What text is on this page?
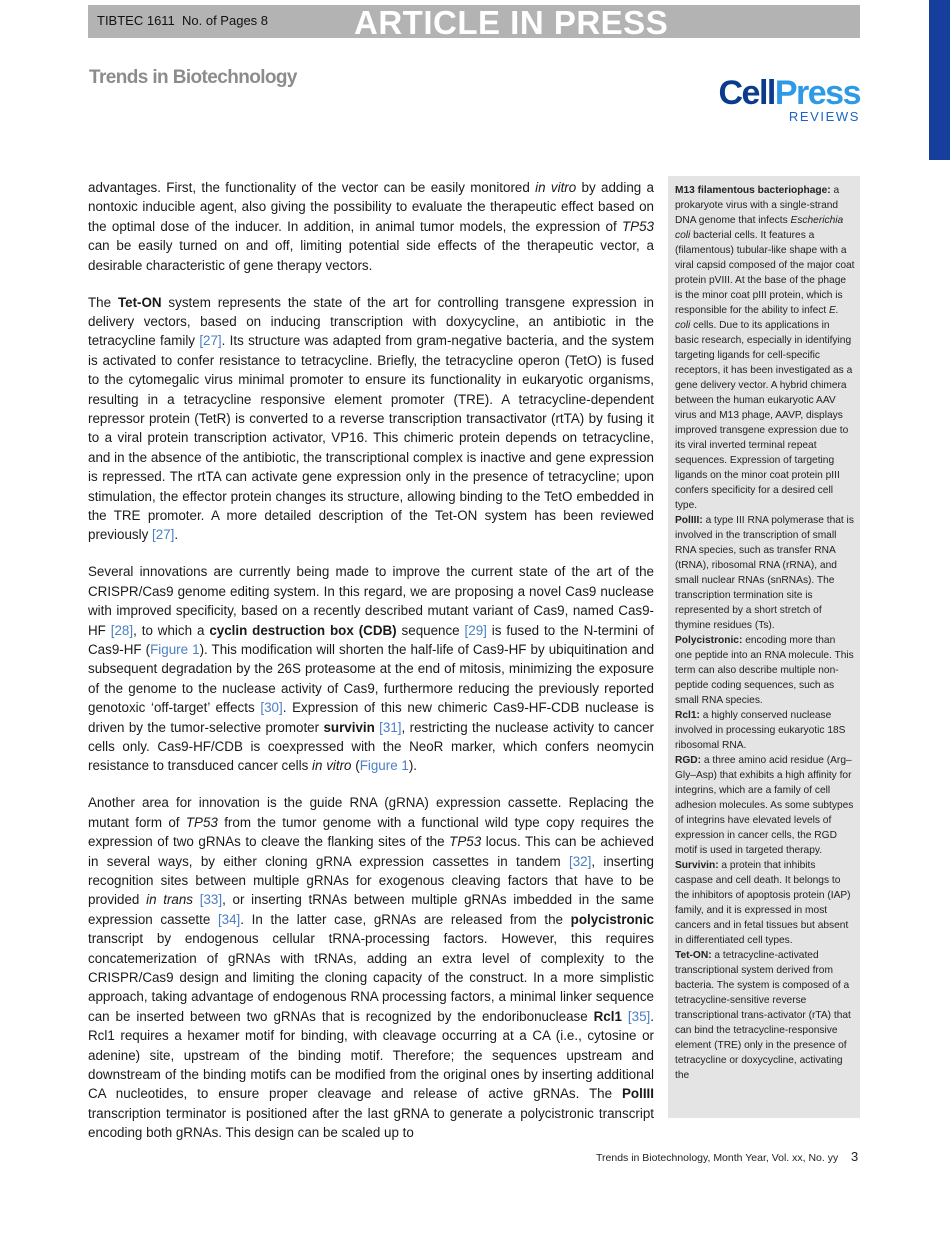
TIBTEC 1611  No. of Pages 8	ARTICLE IN PRESS
Trends in Biotechnology	CellPress
REVIEWS

advantages. First, the functionality of the vector can be easily monitored in vitro by adding a nontoxic inducible agent, also giving the possibility to evaluate the therapeutic effect based on the optimal dose of the inducer. In addition, in animal tumor models, the expression of TP53 can be easily turned on and off, limiting potential side effects of the therapeutic vector, a desirable characteristic of gene therapy vectors.

The Tet-ON system represents the state of the art for controlling transgene expression in delivery vectors, based on inducing transcription with doxycycline, an antibiotic in the tetracycline family [27]. Its structure was adapted from gram-negative bacteria, and the system is activated to confer resistance to tetracycline. Briefly, the tetracycline operon (TetO) is fused to the cytomegalic virus minimal promoter to ensure its functionality in eukaryotic organisms, resulting in a tetracycline responsive element promoter (TRE). A tetracycline-dependent repressor protein (TetR) is converted to a reverse transcription transactivator (rtTA) by fusing it to a viral protein transcription activator, VP16. This chimeric protein depends on tetracycline, and in the absence of the antibiotic, the transcriptional complex is inactive and gene expression is repressed. The rtTA can activate gene expression only in the presence of tetracycline; upon stimulation, the effector protein changes its structure, allowing binding to the TetO embedded in the TRE promoter. A more detailed description of the Tet-ON system has been reviewed previously [27].

Several innovations are currently being made to improve the current state of the art of the CRISPR/Cas9 genome editing system. In this regard, we are proposing a novel Cas9 nuclease with improved specificity, based on a recently described mutant variant of Cas9, named Cas9-HF [28], to which a cyclin destruction box (CDB) sequence [29] is fused to the N-termini of Cas9-HF (Figure 1). This modification will shorten the half-life of Cas9-HF by ubiquitination and subsequent degradation by the 26S proteasome at the end of mitosis, minimizing the exposure of the genome to the nuclease activity of Cas9, furthermore reducing the previously reported genotoxic ‘off-target’ effects [30]. Expression of this new chimeric Cas9-HF-CDB nuclease is driven by the tumor-selective promoter survivin [31], restricting the nuclease activity to cancer cells only. Cas9-HF/CDB is coexpressed with the NeoR marker, which confers neomycin resistance to transduced cancer cells in vitro (Figure 1).

Another area for innovation is the guide RNA (gRNA) expression cassette. Replacing the mutant form of TP53 from the tumor genome with a functional wild type copy requires the expression of two gRNAs to cleave the flanking sites of the TP53 locus. This can be achieved in several ways, by either cloning gRNA expression cassettes in tandem [32], inserting recognition sites between multiple gRNAs for exogenous cleaving factors that have to be provided in trans [33], or inserting tRNAs between multiple gRNAs imbedded in the same expression cassette [34]. In the latter case, gRNAs are released from the polycistronic transcript by endogenous cellular tRNA-processing factors. However, this requires concatemerization of gRNAs with tRNAs, adding an extra level of complexity to the CRISPR/Cas9 design and limiting the cloning capacity of the construct. In a more simplistic approach, taking advantage of endogenous RNA processing factors, a minimal linker sequence can be inserted between two gRNAs that is recognized by the endoribonuclease Rcl1 [35]. Rcl1 requires a hexamer motif for binding, with cleavage occurring at a CA (i.e., cytosine or adenine) site, upstream of the binding motif. Therefore; the sequences upstream and downstream of the binding motifs can be modified from the original ones by inserting additional CA nucleotides, to ensure proper cleavage and release of active gRNAs. The PolIII transcription terminator is positioned after the last gRNA to generate a polycistronic transcript encoding both gRNAs. This design can be scaled up to

M13 filamentous bacteriophage: a prokaryote virus with a single-strand DNA genome that infects Escherichia coli bacterial cells. It features a (filamentous) tubular-like shape with a viral capsid composed of the major coat protein pVIII. At the base of the phage is the minor coat pIII protein, which is responsible for the ability to infect E. coli cells. Due to its applications in basic research, especially in identifying targeting ligands for cell-specific receptors, it has been investigated as a gene delivery vector. A hybrid chimera between the human eukaryotic AAV virus and M13 phage, AAVP, displays improved transgene expression due to its viral inverted terminal repeat sequences. Expression of targeting ligands on the minor coat protein pIII confers specificity for a desired cell type.

PolIII: a type III RNA polymerase that is involved in the transcription of small RNA species, such as transfer RNA (tRNA), ribosomal RNA (rRNA), and small nuclear RNAs (snRNAs). The transcription termination site is represented by a short stretch of thymine residues (Ts).

Polycistronic: encoding more than one peptide into an RNA molecule. This term can also describe multiple non-peptide coding sequences, such as small RNA species.

Rcl1: a highly conserved nuclease involved in processing eukaryotic 18S ribosomal RNA.

RGD: a three amino acid residue (Arg–Gly–Asp) that exhibits a high affinity for integrins, which are a family of cell adhesion molecules. As some subtypes of integrins have elevated levels of expression in cancer cells, the RGD motif is used in targeted therapy.

Survivin: a protein that inhibits caspase and cell death. It belongs to the inhibitors of apoptosis protein (IAP) family, and it is expressed in most cancers and in fetal tissues but absent in differentiated cell types.

Tet-ON: a tetracycline-activated transcriptional system derived from bacteria. The system is composed of a tetracycline-sensitive reverse transcriptional trans-activator (rTA) that can bind the tetracycline-responsive element (TRE) only in the presence of tetracycline or doxycycline, activating the

Trends in Biotechnology, Month Year, Vol. xx, No. yy 3
